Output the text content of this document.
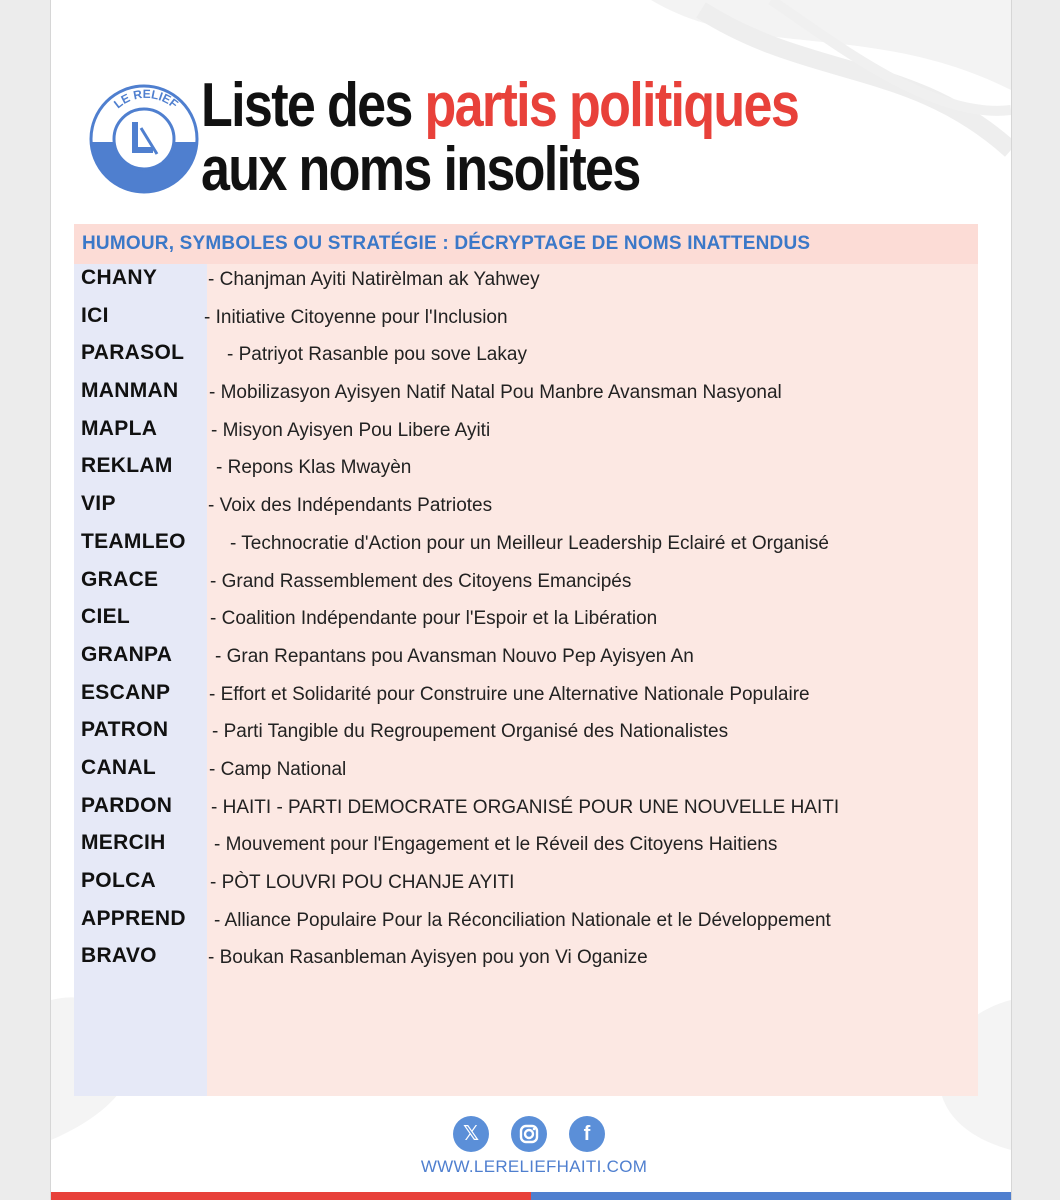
LE RELIEF
INTER
Liste des partis politiques
aux noms insolites
HUMOUR, SYMBOLES OU STRATÉGIE : DÉCRYPTAGE DE NOMS INATTENDUS
CHANY	- Chanjman Ayiti Natirèlman ak Yahwey
ICI	- Initiative Citoyenne pour l'Inclusion
PARASOL - Patriyot Rasanble pou sove Lakay
MANMAN - Mobilizasyon Ayisyen Natif Natal Pou Manbre Avansman Nasyonal
MAPLA	- Misyon Ayisyen Pou Libere Ayiti
REKLAM - Repons Klas Mwayèn
VIP	- Voix des Indépendants Patriotes
TEAMLEO - Technocratie d'Action pour un Meilleur Leadership Eclairé et Organisé
GRACE	- Grand Rassemblement des Citoyens Emancipés
CIEL	- Coalition Indépendante pour l'Espoir et la Libération
GRANPA - Gran Repantans pou Avansman Nouvo Pep Ayisyen An
ESCANP - Effort et Solidarité pour Construire une Alternative Nationale Populaire
PATRON - Parti Tangible du Regroupement Organisé des Nationalistes
CANAL	- Camp National
PARDON - HAITI - PARTI DEMOCRATE ORGANISÉ POUR UNE NOUVELLE HAITI
MERCIH	- Mouvement pour l'Engagement et le Réveil des Citoyens Haitiens
POLCA	- PÒT LOUVRI POU CHANJE AYITI
APPREND - Alliance Populaire Pour la Réconciliation Nationale et le Développement
BRAVO	- Boukan Rasanbleman Ayisyen pou yon Vi Oganize
𝕏	f
WWW.LERELIEFHAITI.COM
